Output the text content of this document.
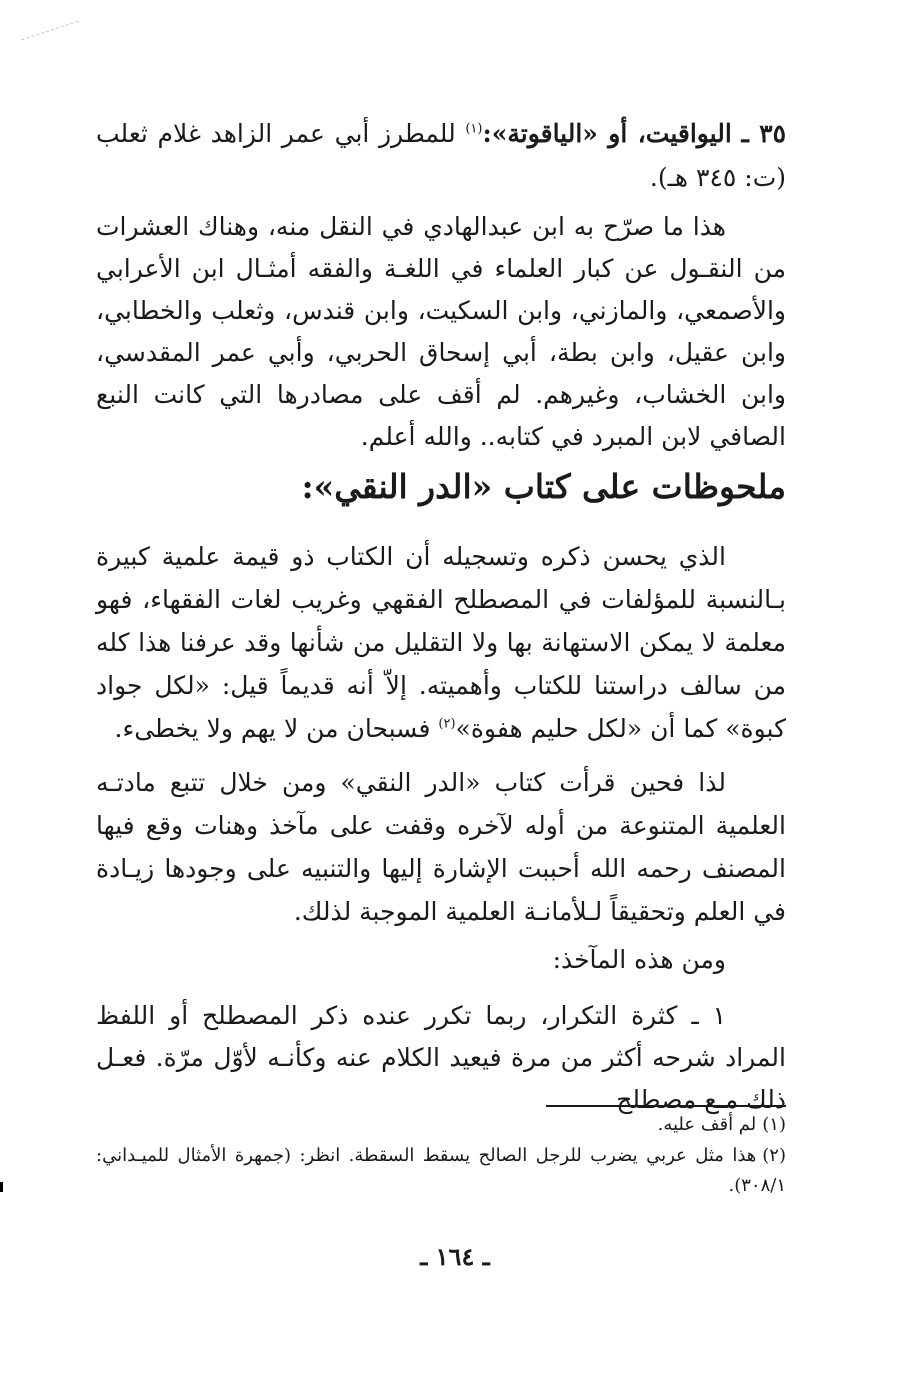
٣٥ ـ اليواقيت، أو «الياقوتة»:$^{(١)}$ للمطرز أبي عمر الزاهد غلام ثعلب (ت: ٣٤٥ هـ).

هذا ما صرّح به ابن عبدالهادي في النقل منه، وهناك العشرات من النقـول عن كبار العلماء في اللغـة والفقه أمثـال ابن الأعرابي والأصمعي، والمازني، وابن السكيت، وابن قندس، وثعلب والخطابي، وابن عقيل، وابن بطة، أبي إسحاق الحربي، وأبي عمر المقدسي، وابن الخشاب، وغيرهم. لم أقف على مصادرها التي كانت النبع الصافي لابن المبرد في كتابه.. والله أعلم.

ملحوظات على كتاب «الدر النقي»:

الذي يحسن ذكره وتسجيله أن الكتاب ذو قيمة علمية كبيرة بـالنسبة للمؤلفات في المصطلح الفقهي وغريب لغات الفقهاء، فهو معلمة لا يمكن الاستهانة بها ولا التقليل من شأنها وقد عرفنا هذا كله من سالف دراستنا للكتاب وأهميته. إلاّ أنه قديماً قيل: «لكل جواد كبوة» كما أن «لكل حليم هفوة»$^{(٢)}$ فسبحان من لا يهم ولا يخطىء.

لذا فحين قرأت كتاب «الدر النقي» ومن خلال تتبع مادتـه العلمية المتنوعة من أوله لآخره وقفت على مآخذ وهنات وقع فيها المصنف رحمه الله أحببت الإشارة إليها والتنبيه على وجودها زيـادة في العلم وتحقيقاً لـلأمانـة العلمية الموجبة لذلك.

ومن هذه المآخذ:

١ ـ كثرة التكرار، ربما تكرر عنده ذكر المصطلح أو اللفظ المراد شرحه أكثر من مرة فيعيد الكلام عنه وكأنـه لأوّل مرّة. فعـل ذلك مـع مصطلح

(١)لم أقف عليه.

(٢)هذا مثل عربي يضرب للرجل الصالح يسقط السقطة. انظر: (جمهرة الأمثال للميـداني: ٣٠٨/١).

ـ ١٦٤ ـ
